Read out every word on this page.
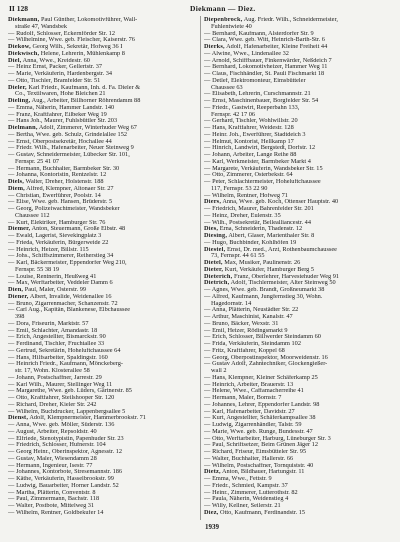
II 128	Diekmann — Diez.
Diekmann, Paul Günther, Lokomotivführer, Wall-
straße 47, Wandsbek
— Rudolf, Schlosser, Eckernförder Str. 12
— Wilhelmine, Wwe. geb. Fleischer, Kaiserstr. 76
Diekow, Georg Wilh., Sekretär, Hofweg 36 I
Diekwisch, Helene, Lehrerin, Mühlenkamp 8
Diel, Anna, Wwe., Kreidestr. 60
— Heinz Ernst, Packer, Gellertstr. 37
— Marie, Verkäuferin, Hardenbergstr. 34
— Otto, Tischler, Bramfelder Str. 51
Dieler, Karl Friedr., Kaufmann, Inh. d. Fa. Dieler &
Co., Textilwaren, Hohe Bleichen 21
Dieling, Aug., Arbeiter, Billhorner Röhrendamm 88
— Emma, Näherin, Hammer Landstr. 140
— Franz, Kraftfahrer, Eilbeker Weg 19
— Hans Joh., Maurer, Fuhlsbüttler Str. 203
Dielmann, Adolf, Zimmerer, Winterhuder Weg 67
— Bertha, Wwe. geb. Schulz, Grindelallee 152
— Ernst, Oberpostsekretär, Hochallee 44
— Friedr. Wilh., Hafenarbeiter, Neuer Steinweg 9
— Gustav, Schneidermeister, Lübecker Str. 101,
Fernspr. 25 41 07
— Hermann, Buchhalter, Barmbeker Str. 30
— Johanna, Kontoristin, Rentzelstr. 12
Diels, Walter, Dreher, Holstenstr. 188
Diem, Alfred, Klempner, Altonaer Str. 27
— Christian, Ewerführer, Poolstr. 14
— Elise, Wwe. geb. Hansen, Brüderstr. 5
— Georg, Polizeiwachtmeister, Wandsbeker
Chaussee 112
— Kurt, Elektriker, Hamburger Str. 76
Diemer, Anton, Steuermann, Große Elbstr. 48
— Ewald, Lagerist, Sievekingplatz 3
— Frieda, Verkäuferin, Bürgerweide 22
— Heinrich, Heizer, Billstr. 115
— Johs., Schiffszimmerer, Reiherstieg 34
— Karl, Bäckermeister, Eppendorfer Weg 210,
Fernspr. 55 38 19
— Louise, Rentnerin, Heußweg 41
— Max, Werftarbeiter, Veddeler Damm 6
Dien, Paul, Maler, Osterstr. 99
Diener, Albert, Invalide, Weidenallee 16
— Bruno, Zigarrenmacher, Schanzenstr. 72
— Carl Aug., Kapitän, Blankenese, Elbchaussee
398
— Dora, Friseurin, Marktstr. 57
— Emil, Schlachter, Amandastr. 18
— Erich, Angestellter, Bismarckstr. 90
— Ferdinand, Tischler, Fruchtallee 33
— Gertrud, Sekretärin, Hoheluftchaussee 64
— Hans, Hilfsarbeiter, Spaldingstr. 160
— Heinrich Friedr., Kaufmann, Mönckeberg-
str. 17, Wohn. Klosterallee 58
— Johann, Postschaffner, Jarrestr. 29
— Karl Wilh., Maurer, Stellinger Weg 11
— Margarethe, Wwe. geb. Lüders, Gärtnerstr. 85
— Otto, Kraftfahrer, Steilshooper Str. 120
— Richard, Dreher, Kieler Str. 242
— Wilhelm, Buchdrucker, Lappenbergsallee 5
Dienst, Adolf, Klempnermeister, Hammerbrookstr. 71
— Anna, Wwe. geb. Möller, Süderstr. 136
— August, Arbeiter, Repsoldstr. 40
— Elfriede, Stenotypistin, Papenhuder Str. 23
— Friedrich, Schlosser, Hufnerstr. 104
— Georg Heinr., Oberinspektor, Agnesstr. 12
— Gustav, Maler, Wiesendamm 28
— Hermann, Ingenieur, Isestr. 77
— Johannes, Kontorbote, Stresemannstr. 186
— Käthe, Verkäuferin, Hasselbrookstr. 99
— Ludwig, Bauarbeiter, Horner Landstr. 52
— Martha, Plätterin, Conventstr. 8
— Paul, Zimmermann, Bachstr. 118
— Walter, Postbote, Mittelweg 31
— Wilhelm, Rentner, Goldbekufer 14
Diepenbrock, Aug. Friedr. Wilh., Schneidermeister,
Fuhlentwiete 40
— Bernhard, Kaufmann, Alsterdorfer Str. 9
— Clara, Wwe. geb. Witt, Heinrich-Barth-Str. 6
Dierks, Adolf, Hafenarbeiter, Kleine Freiheit 44
— Alwine, Wwe., Lindenallee 32
— Arnold, Schiffbauer, Finkenwärder, Neßdeich 7
— Bernhard, Lokomotivheizer, Hammer Weg 11
— Claus, Fischhändler, St. Pauli Fischmarkt 18
— Detlef, Elektromonteur, Eimsbütteler
Chaussee 63
— Elisabeth, Lehrerin, Curschmannstr. 21
— Ernst, Maschinenbauer, Borgfelder Str. 54
— Friedr., Gastwirt, Reeperbahn 133,
Fernspr. 42 17 06
— Gerhard, Tischler, Wohlwillstr. 20
— Hans, Kraftfahrer, Weidestr. 128
— Heinr. Joh., Ewerführer, Stadtdeich 3
— Helmut, Kontorist, Hellkamp 17
— Hinrich, Landwirt, Bergstedt, Dorfstr. 12
— Johann, Arbeiter, Lange Reihe 88
— Karl, Werkmeister, Barmbeker Markt 4
— Margarete, Verkäuferin, Wandsbeker Str. 15
— Otto, Zimmerer, Osterbekstr. 64
— Peter, Schlachtermeister, Hoheluftchaussee
117, Fernspr. 53 22 90
— Wilhelm, Rentner, Hofweg 71
Diers, Anna, Wwe. geb. Koch, Ottenser Hauptstr. 40
— Friedrich, Maurer, Bahrenfelder Str. 201
— Heinz, Dreher, Eulenstr. 35
— Wilh., Postsekretär, Bellealliancestr. 44
Dies, Erna, Schneiderin, Thadenstr. 12
Diesing, Albert, Glaser, Marienthaler Str. 8
— Hugo, Buchbinder, Kohlhöfen 19
Diestel, Ernst, Dr. med., Arzt, Rothenbaumchaussee
73, Fernspr. 44 61 55
Dietel, Max, Musiker, Paulinenstr. 26
Dieter, Kurt, Verkäufer, Hamburger Berg 5
Dieterich, Franz, Oberlehrer, Harvestehuder Weg 91
Dietrich, Adolf, Tischlermeister, Alter Steinweg 50
— Agnes, Wwe. geb. Brandt, Großneumarkt 38
— Alfred, Kaufmann, Jungfernstieg 30, Wohn.
Hagedornstr. 14
— Anna, Plätterin, Neustädter Str. 22
— Arthur, Maschinist, Kanalstr. 47
— Bruno, Bäcker, Wexstr. 31
— Emil, Heizer, Rödingsmarkt 9
— Erich, Schlosser, Billwerder Steindamm 60
— Frida, Verkäuferin, Steindamm 102
— Fritz, Kraftfahrer, Koppel 68
— Georg, Oberpostinspektor, Moorweidenstr. 16
— Gustav Adolf, Zahntechniker, Glockengießer-
wall 2
— Hans, Klempner, Kleiner Schäferkamp 25
— Heinrich, Arbeiter, Brauerstr. 13
— Helene, Wwe., Caffamacherreihe 41
— Hermann, Maler, Bornstr. 7
— Johannes, Lehrer, Eppendorfer Landstr. 98
— Karl, Hafenarbeiter, Davidstr. 27
— Kurt, Angestellter, Schäferkampsallee 38
— Ludwig, Zigarrenhändler, Talstr. 59
— Marie, Wwe. geb. Runge, Bundesstr. 47
— Otto, Werftarbeiter, Harburg, Lüneburger Str. 3
— Paul, Schriftsetzer, Beim Grünen Jäger 12
— Richard, Friseur, Eimsbütteler Str. 95
— Walter, Buchhalter, Hallerstr. 66
— Wilhelm, Postschaffner, Tornquiststr. 40
Dietz, Anton, Bildhauer, Hartungstr. 11
— Emma, Wwe., Fettstr. 9
— Friedr., Schmied, Kampstr. 37
— Heinr., Zimmerer, Lutterothstr. 82
— Paula, Näherin, Weidenstieg 4
— Willy, Kellner, Seilerstr. 21
Diez, Otto, Kaufmann, Ferdinandstr. 15
1939
